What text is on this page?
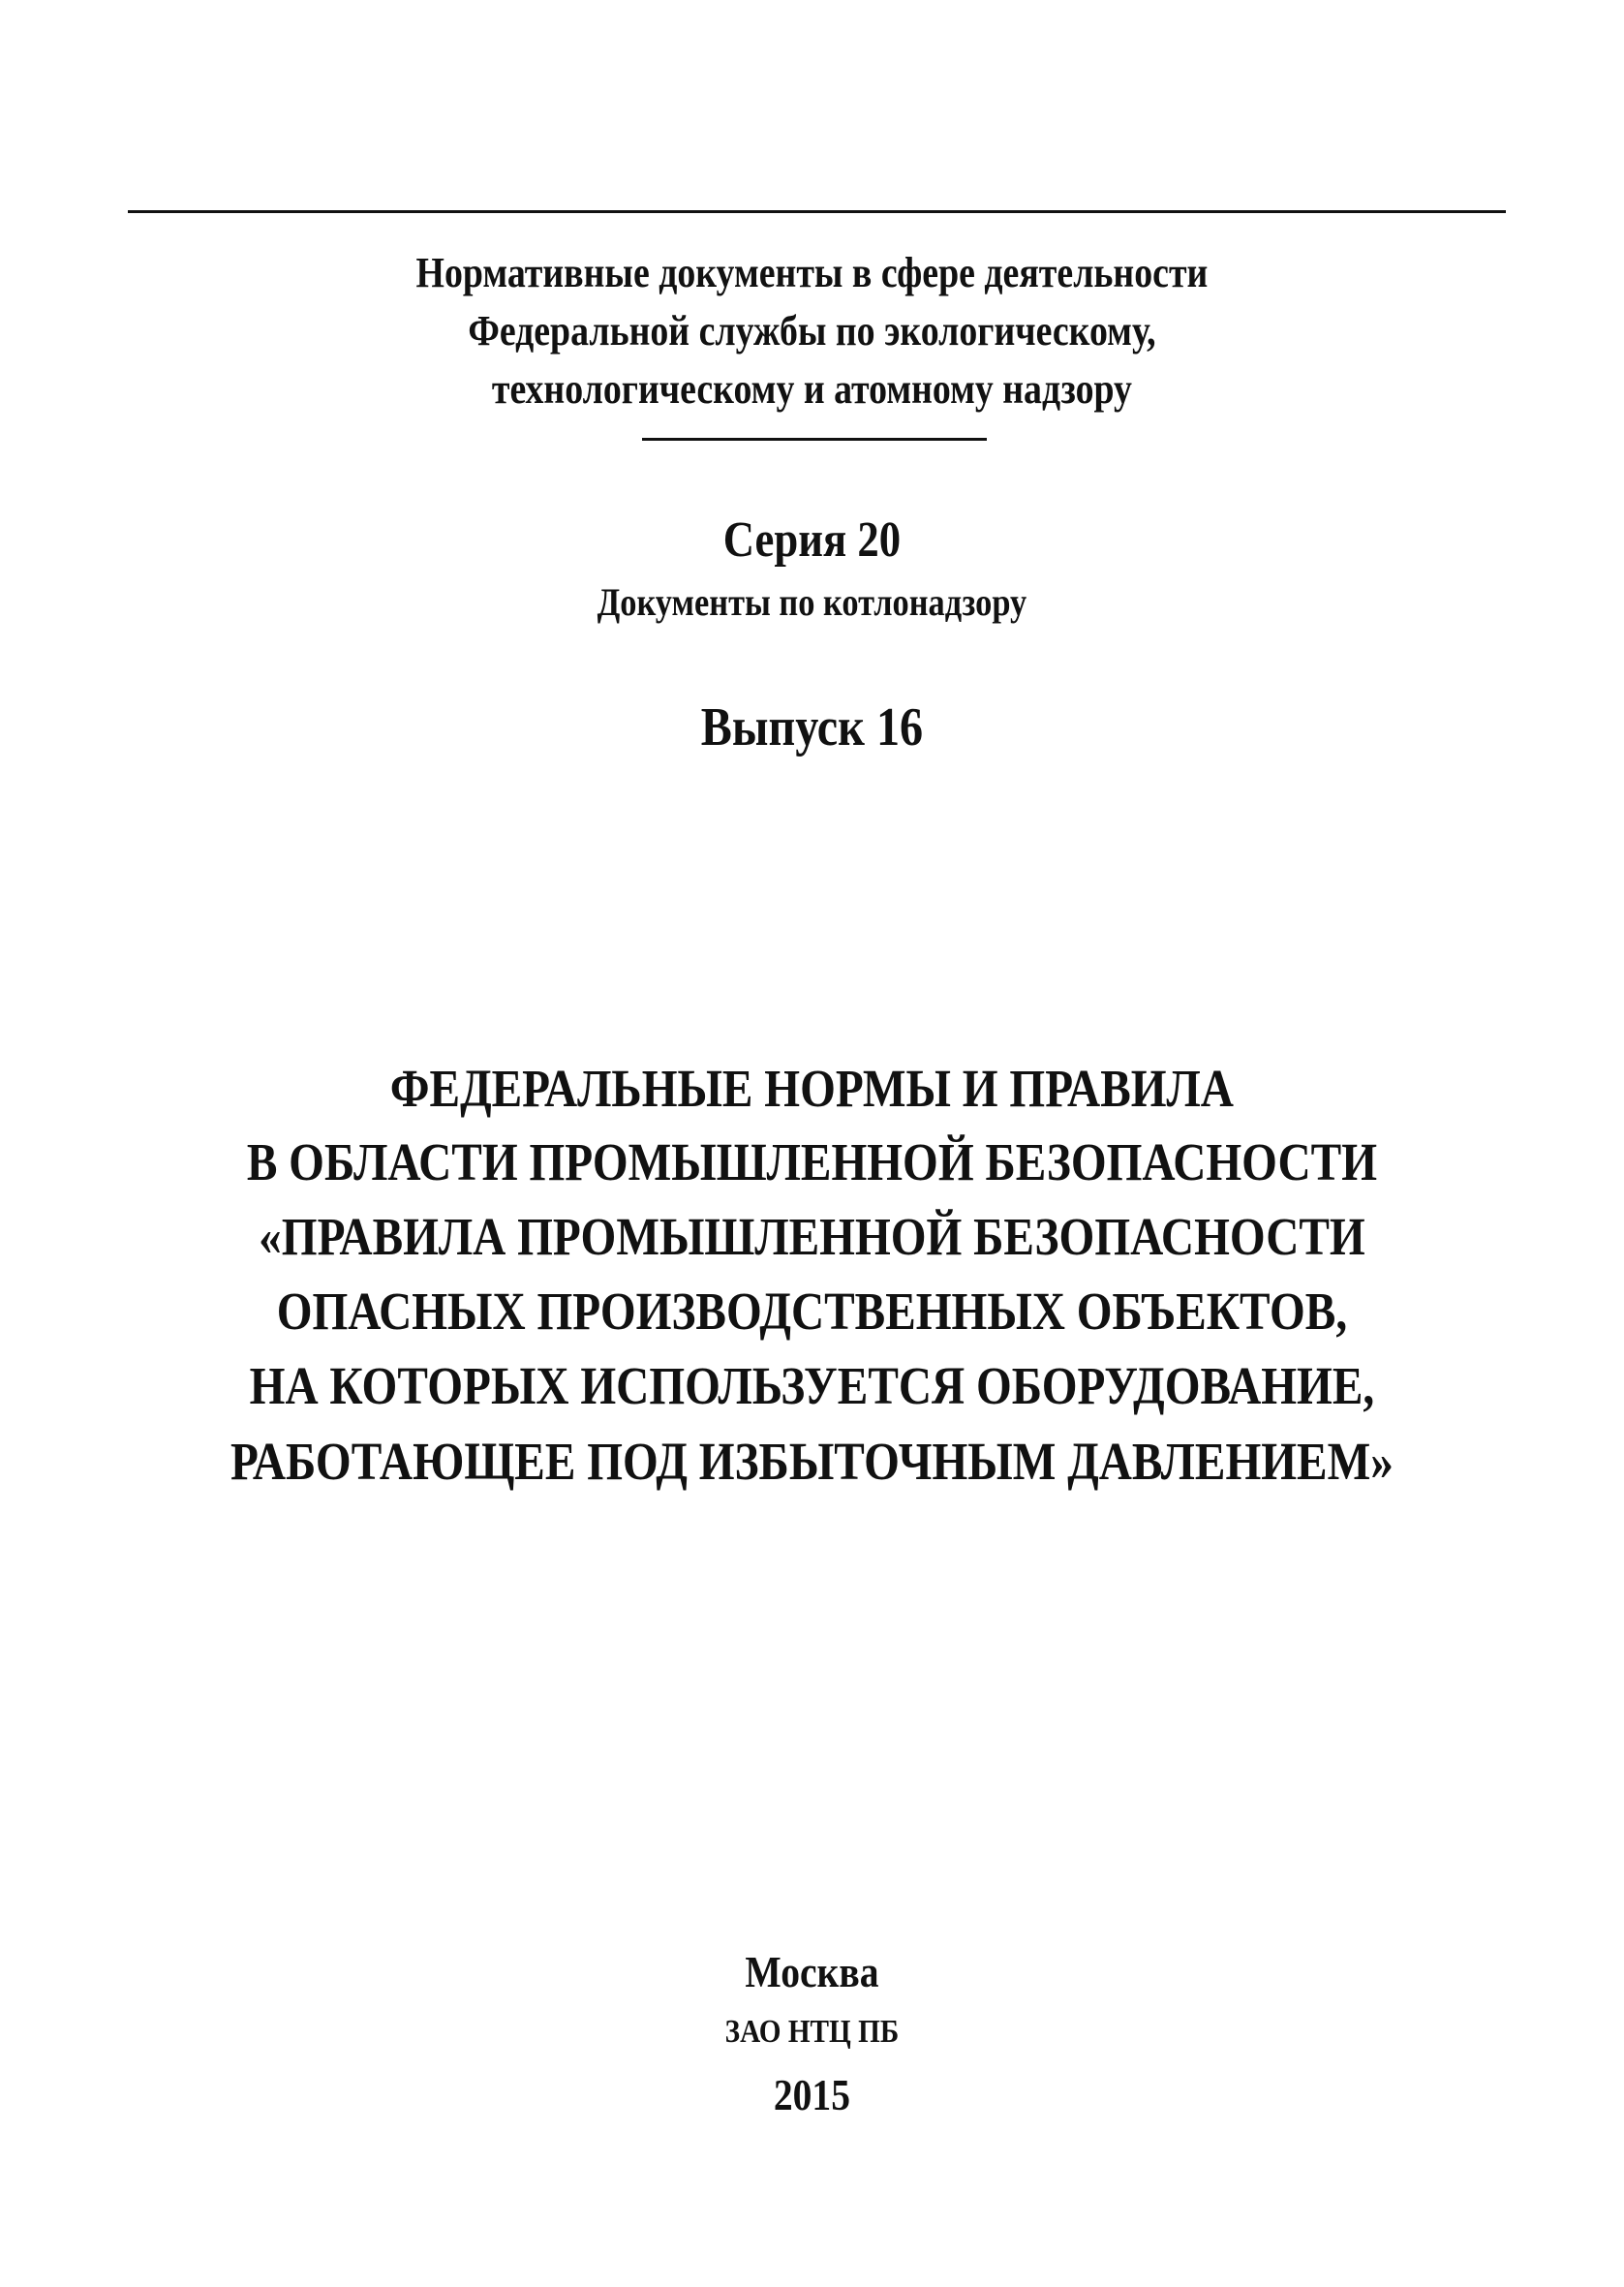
Нормативные документы в сфере деятельности
Федеральной службы по экологическому,
технологическому и атомному надзору
Серия 20
Документы по котлонадзору
Выпуск 16
ФЕДЕРАЛЬНЫЕ НОРМЫ И ПРАВИЛА
В ОБЛАСТИ ПРОМЫШЛЕННОЙ БЕЗОПАСНОСТИ
«ПРАВИЛА ПРОМЫШЛЕННОЙ БЕЗОПАСНОСТИ
ОПАСНЫХ ПРОИЗВОДСТВЕННЫХ ОБЪЕКТОВ,
НА КОТОРЫХ ИСПОЛЬЗУЕТСЯ ОБОРУДОВАНИЕ,
РАБОТАЮЩЕЕ ПОД ИЗБЫТОЧНЫМ ДАВЛЕНИЕМ»
Москва
ЗАО НТЦ ПБ
2015
